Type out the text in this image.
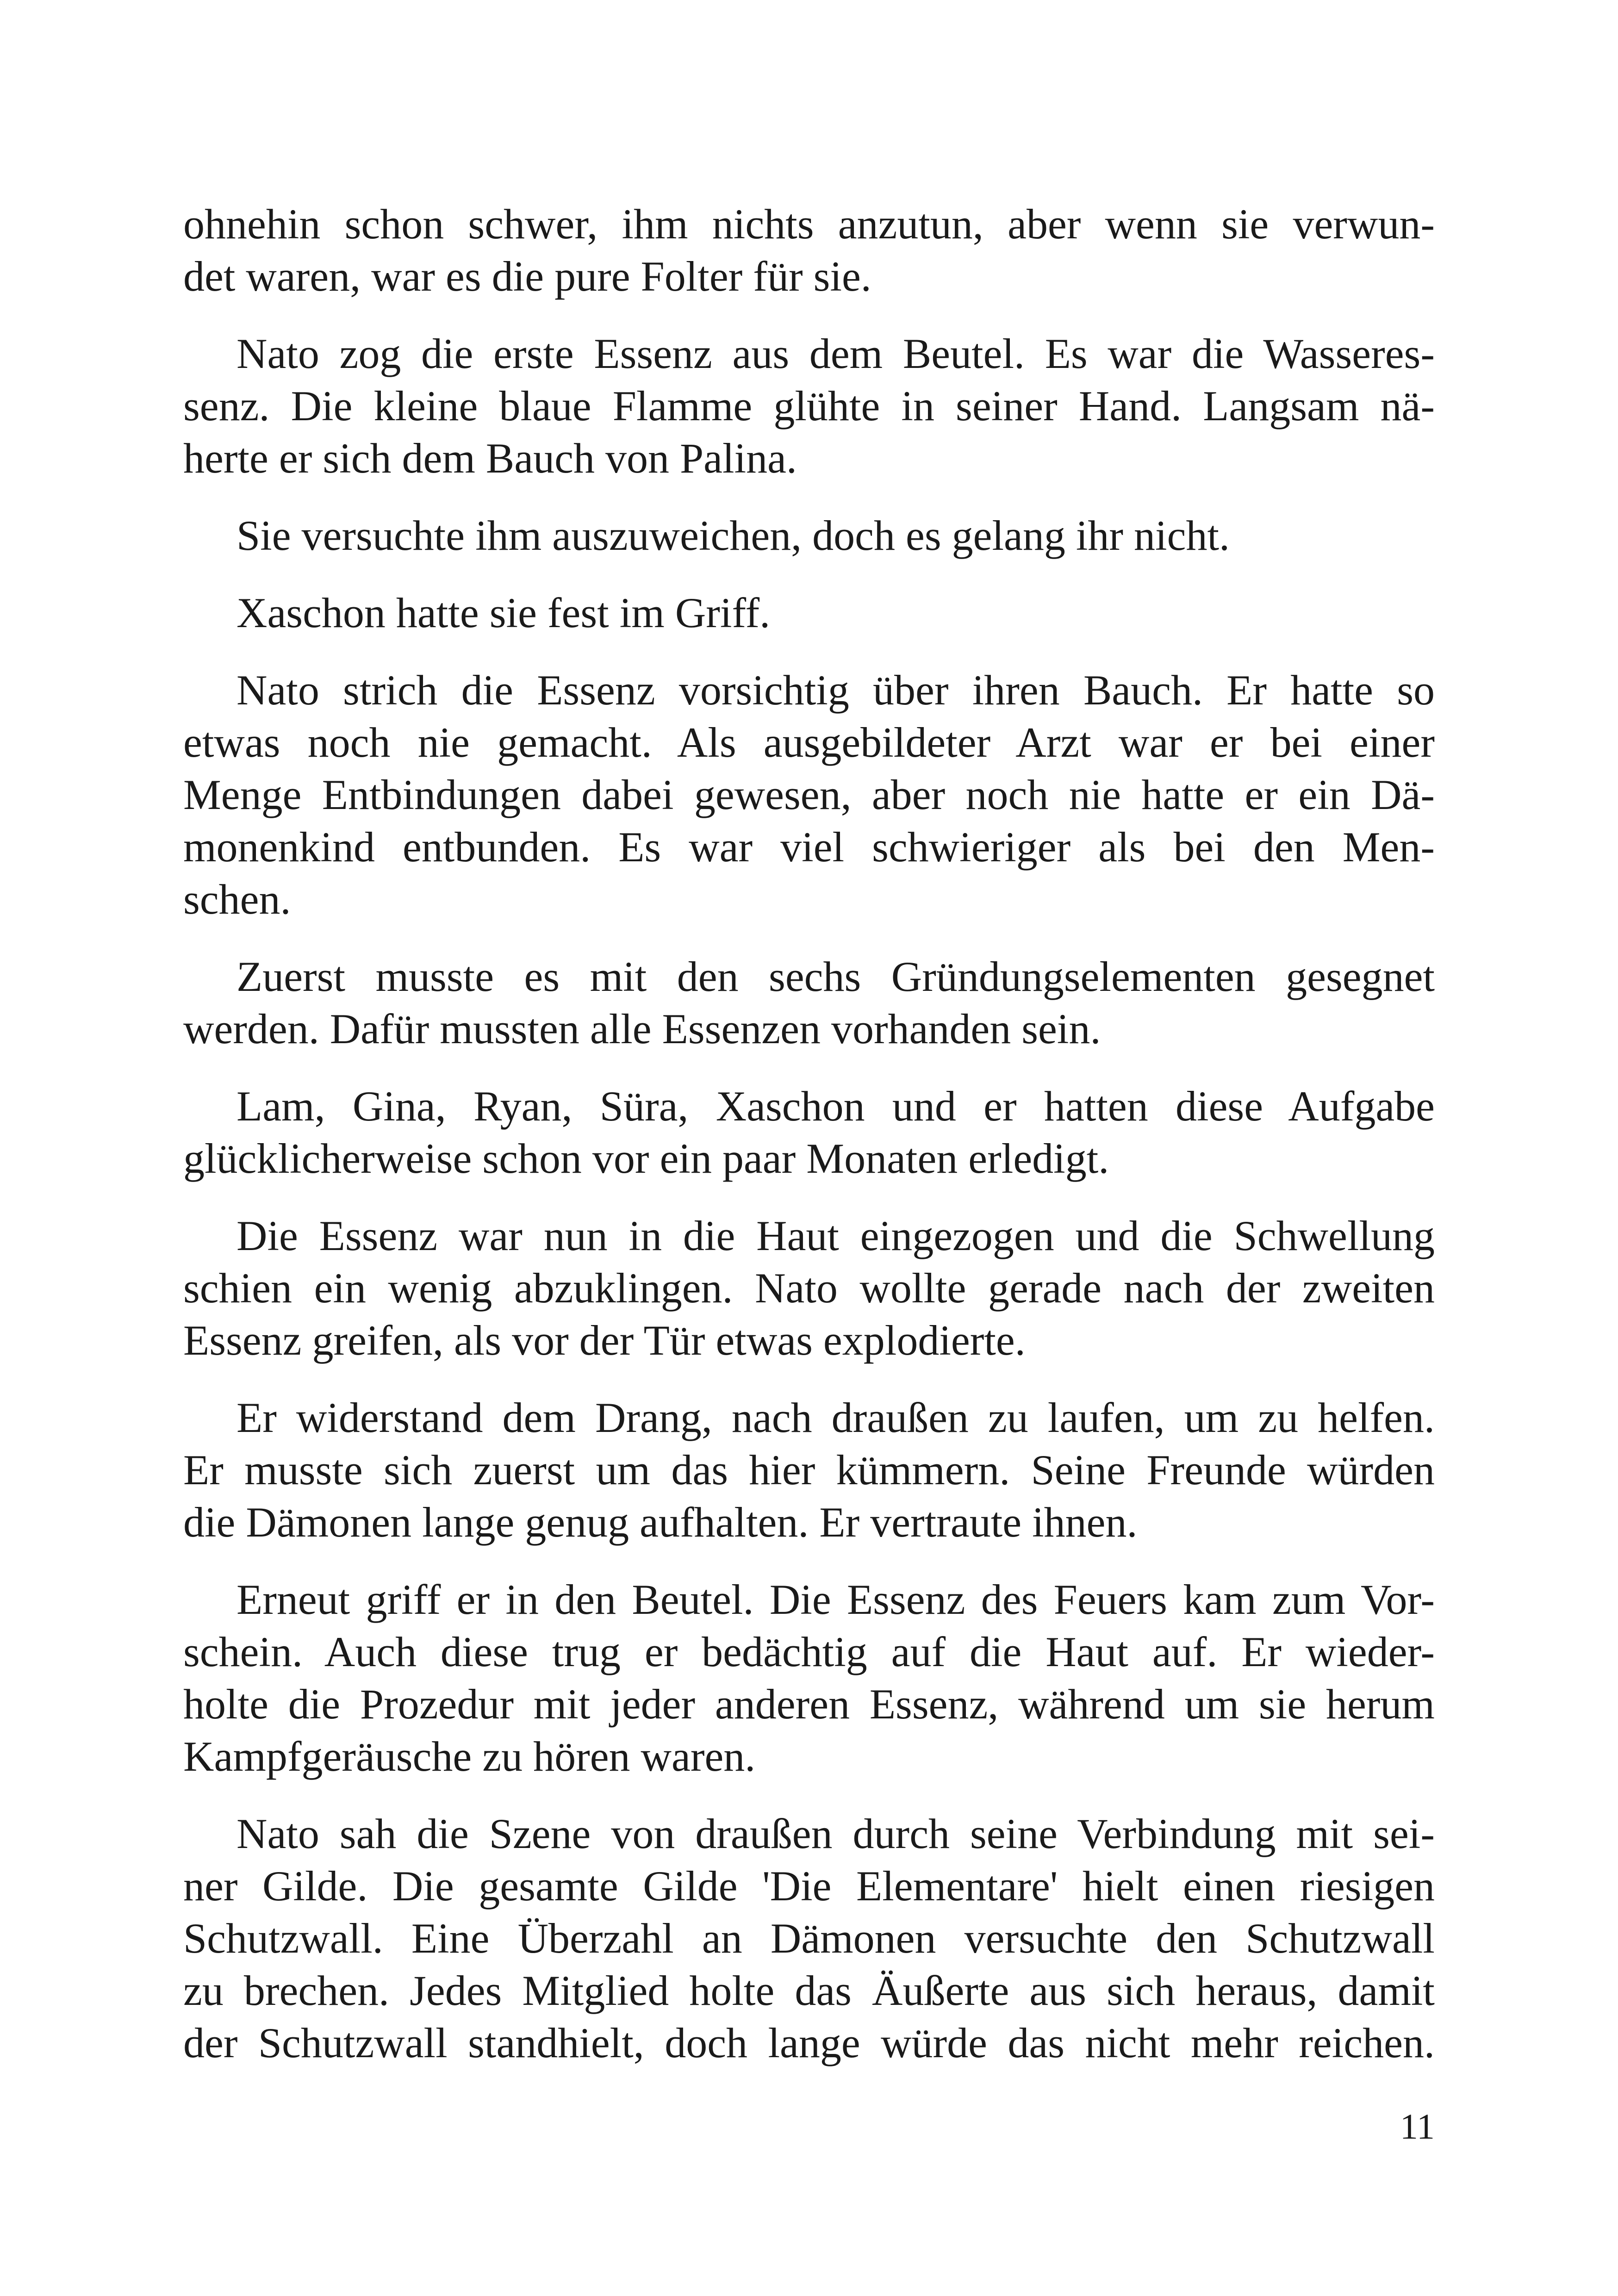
ohnehin schon schwer, ihm nichts anzutun, aber wenn sie verwun-
det waren, war es die pure Folter für sie.
Nato zog die erste Essenz aus dem Beutel. Es war die Wasseres-
senz. Die kleine blaue Flamme glühte in seiner Hand. Langsam nä-
herte er sich dem Bauch von Palina.
Sie versuchte ihm auszuweichen, doch es gelang ihr nicht.
Xaschon hatte sie fest im Griff.
Nato strich die Essenz vorsichtig über ihren Bauch. Er hatte so
etwas noch nie gemacht. Als ausgebildeter Arzt war er bei einer
Menge Entbindungen dabei gewesen, aber noch nie hatte er ein Dä-
monenkind entbunden. Es war viel schwieriger als bei den Men-
schen.
Zuerst musste es mit den sechs Gründungselementen gesegnet
werden. Dafür mussten alle Essenzen vorhanden sein.
Lam, Gina, Ryan, Süra, Xaschon und er hatten diese Aufgabe
glücklicherweise schon vor ein paar Monaten erledigt.
Die Essenz war nun in die Haut eingezogen und die Schwellung
schien ein wenig abzuklingen. Nato wollte gerade nach der zweiten
Essenz greifen, als vor der Tür etwas explodierte.
Er widerstand dem Drang, nach draußen zu laufen, um zu helfen.
Er musste sich zuerst um das hier kümmern. Seine Freunde würden
die Dämonen lange genug aufhalten. Er vertraute ihnen.
Erneut griff er in den Beutel. Die Essenz des Feuers kam zum Vor-
schein. Auch diese trug er bedächtig auf die Haut auf. Er wieder-
holte die Prozedur mit jeder anderen Essenz, während um sie herum
Kampfgeräusche zu hören waren.
Nato sah die Szene von draußen durch seine Verbindung mit sei-
ner Gilde. Die gesamte Gilde 'Die Elementare' hielt einen riesigen
Schutzwall. Eine Überzahl an Dämonen versuchte den Schutzwall
zu brechen. Jedes Mitglied holte das Äußerte aus sich heraus, damit
der Schutzwall standhielt, doch lange würde das nicht mehr reichen.
11
